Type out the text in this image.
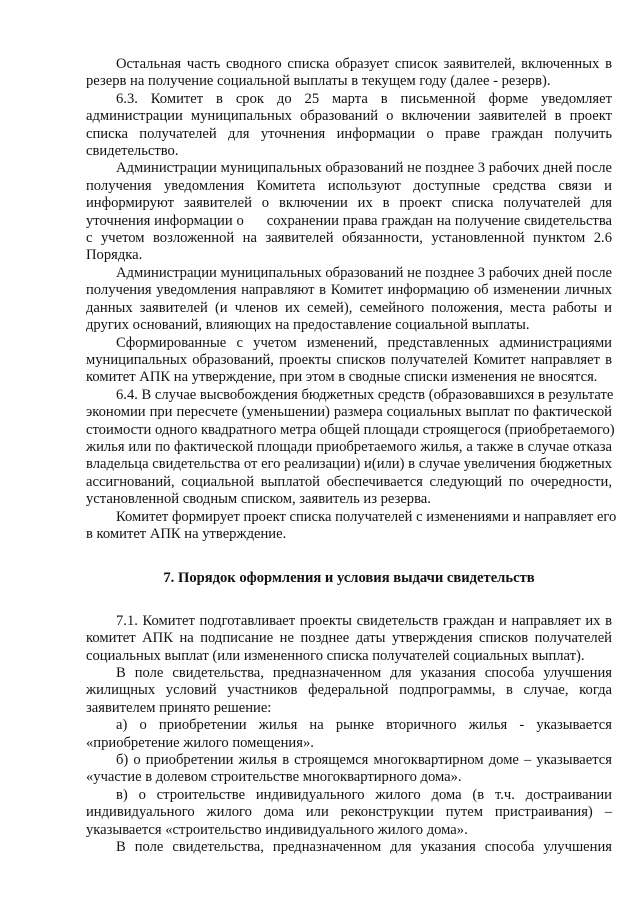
Остальная часть сводного списка образует список заявителей, включенных в
резерв на получение социальной выплаты в текущем году (далее - резерв).

6.3. Комитет в срок до 25 марта в письменной форме уведомляет
администрации муниципальных образований о включении заявителей в проект
списка получателей для уточнения информации о праве граждан получить
свидетельство.

Администрации муниципальных образований не позднее 3 рабочих дней после
получения уведомления Комитета используют доступные средства связи и
информируют заявителей о включении их в проект списка получателей для
уточнения информации о      сохранении права граждан на получение свидетельства
с учетом возложенной на заявителей обязанности, установленной пунктом 2.6
Порядка.

Администрации муниципальных образований не позднее 3 рабочих дней после
получения уведомления направляют в Комитет информацию об изменении личных
данных заявителей (и членов их семей), семейного положения, места работы и
других оснований, влияющих на предоставление социальной выплаты.

Сформированные с учетом изменений, представленных администрациями
муниципальных образований, проекты списков получателей Комитет направляет в
комитет АПК на утверждение, при этом в сводные списки изменения не вносятся.

6.4. В случае высвобождения бюджетных средств (образовавшихся в результате
экономии при пересчете (уменьшении) размера социальных выплат по фактической
стоимости одного квадратного метра общей площади строящегося (приобретаемого)
жилья или по фактической площади приобретаемого жилья, а также в случае отказа
владельца свидетельства от его реализации) и(или) в случае увеличения бюджетных
ассигнований, социальной выплатой обеспечивается следующий по очередности,
установленной сводным списком, заявитель из резерва.

Комитет формирует проект списка получателей с изменениями и направляет его
в комитет АПК на утверждение.

7. Порядок оформления и условия выдачи свидетельств

7.1. Комитет подготавливает проекты свидетельств граждан и направляет их в
комитет АПК на подписание не позднее даты утверждения списков получателей
социальных выплат (или измененного списка получателей социальных выплат).

В поле свидетельства, предназначенном для указания способа улучшения
жилищных условий участников федеральной подпрограммы, в случае, когда
заявителем принято решение:

а) о приобретении жилья на рынке вторичного жилья - указывается
«приобретение жилого помещения».

б) о приобретении жилья в строящемся многоквартирном доме – указывается
«участие в долевом строительстве многоквартирного дома».

в) о строительстве индивидуального жилого дома (в т.ч. достраивании
индивидуального жилого дома или реконструкции путем пристраивания) –
указывается «строительство индивидуального жилого дома».

В поле свидетельства, предназначенном для указания способа улучшения
